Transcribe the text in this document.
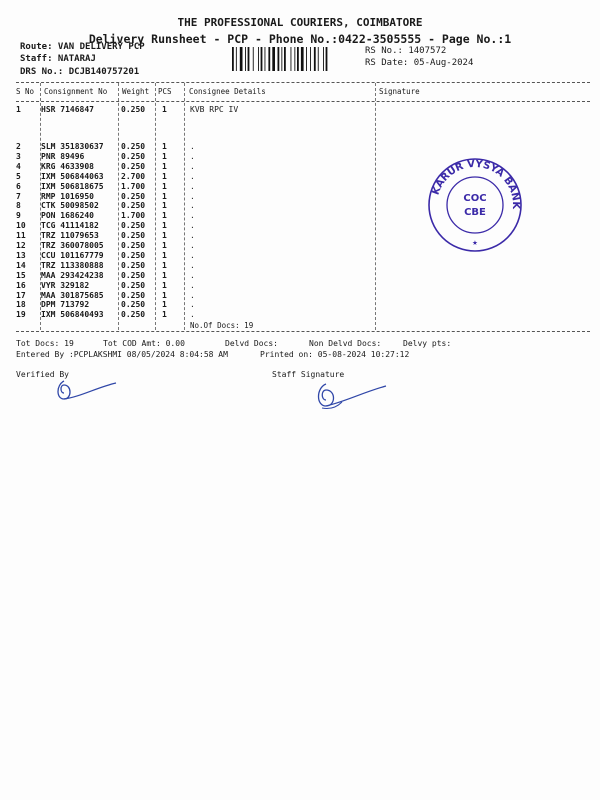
THE PROFESSIONAL COURIERS, COIMBATORE
Delivery Runsheet - PCP - Phone No.:0422-3505555 - Page No.:1
Route: VAN DELIVERY PCP
Staff: NATARAJ
DRS No.: DCJB140757201
RS No.: 1407572
RS Date: 05-Aug-2024
S No Consignment No Weight PCS Consignee Details	Signature
1	HSR 7146847	0.250 1	KVB RPC IV
2	SLM 351830637 0.250 1	.
3	PNR 89496	0.250 1	.
4	KRG 4633908	0.250 1	.
5	IXM 506844063 2.700 1	.
6	IXM 506818675 1.700 1	.
7	RMP 1016950	0.250 1	.
8	CTK 50098502	0.250 1	.
9	PON 1686240	1.700 1	.
10 TCG 41114182	0.250 1	.
11 TRZ 11079653	0.250 1	.
12 TRZ 360078005 0.250 1	.
13 CCU 101167779 0.250 1	.
14 TRZ 113380888 0.250 1	.
15 MAA 293424238 0.250 1	.
16 VYR 329182	0.250 1	.
17 MAA 301875685 0.250 1	.
18 DPM 713792	0.250 1	.
19 IXM 506840493 0.250 1	.
No.Of Docs: 19
Tot Docs: 19	Tot COD Amt: 0.00	Delvd Docs:	Non Delvd Docs:	Delvy pts:
Entered By :PCPLAKSHMI 08/05/2024 8:04:58 AM	Printed on: 05-08-2024 10:27:12
Verified By	Staff Signature
KARUR VYSYA BANK
COC
CBE
★
